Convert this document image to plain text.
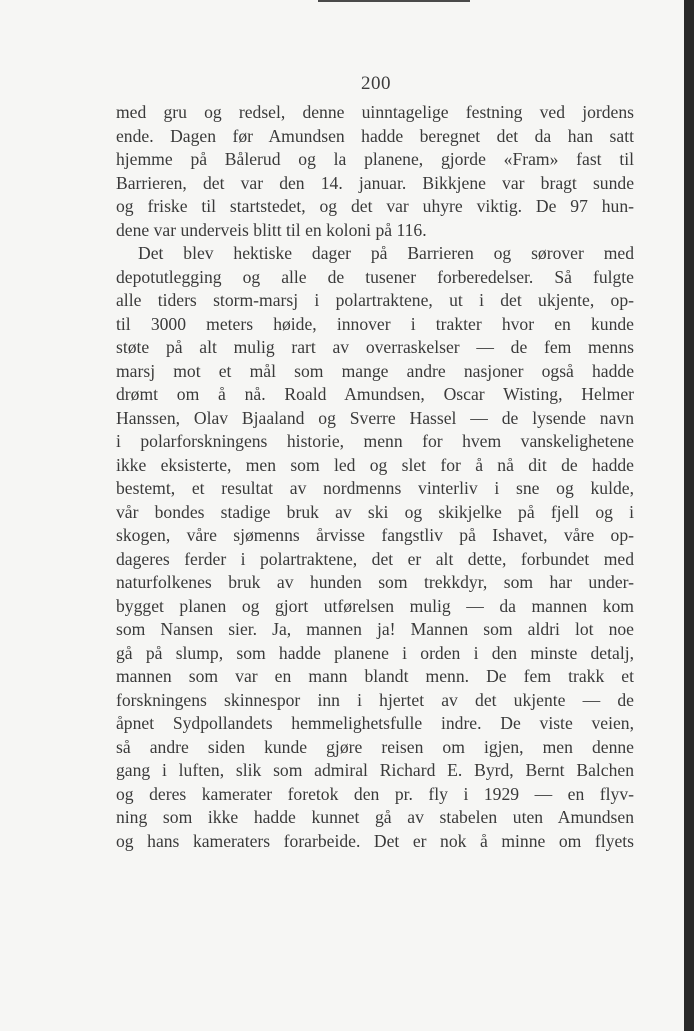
200
med gru og redsel, denne uinntagelige festning ved jordens
ende. Dagen før Amundsen hadde beregnet det da han satt
hjemme på Bålerud og la planene, gjorde «Fram» fast til
Barrieren, det var den 14. januar. Bikkjene var bragt sunde
og friske til startstedet, og det var uhyre viktig. De 97 hun-
dene var underveis blitt til en koloni på 116.
Det blev hektiske dager på Barrieren og sørover med
depotutlegging og alle de tusener forberedelser. Så fulgte
alle tiders storm-marsj i polartraktene, ut i det ukjente, op-
til 3000 meters høide, innover i trakter hvor en kunde
støte på alt mulig rart av overraskelser — de fem menns
marsj mot et mål som mange andre nasjoner også hadde
drømt om å nå. Roald Amundsen, Oscar Wisting, Helmer
Hanssen, Olav Bjaaland og Sverre Hassel — de lysende navn
i polarforskningens historie, menn for hvem vanskelighetene
ikke eksisterte, men som led og slet for å nå dit de hadde
bestemt, et resultat av nordmenns vinterliv i sne og kulde,
vår bondes stadige bruk av ski og skikjelke på fjell og i
skogen, våre sjømenns årvisse fangstliv på Ishavet, våre op-
dageres ferder i polartraktene, det er alt dette, forbundet med
naturfolkenes bruk av hunden som trekkdyr, som har under-
bygget planen og gjort utførelsen mulig — da mannen kom
som Nansen sier. Ja, mannen ja! Mannen som aldri lot noe
gå på slump, som hadde planene i orden i den minste detalj,
mannen som var en mann blandt menn. De fem trakk et
forskningens skinnespor inn i hjertet av det ukjente — de
åpnet Sydpollandets hemmelighetsfulle indre. De viste veien,
så andre siden kunde gjøre reisen om igjen, men denne
gang i luften, slik som admiral Richard E. Byrd, Bernt Balchen
og deres kamerater foretok den pr. fly i 1929 — en flyv-
ning som ikke hadde kunnet gå av stabelen uten Amundsen
og hans kameraters forarbeide. Det er nok å minne om flyets
